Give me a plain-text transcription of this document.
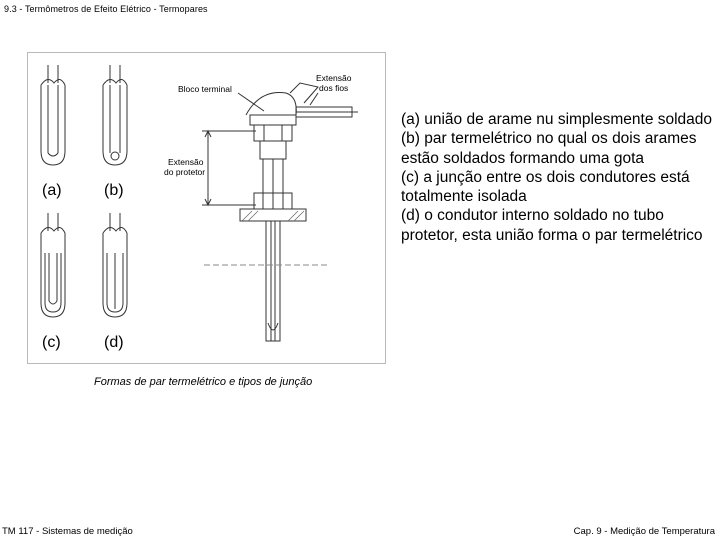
9.3 - Termômetros de Efeito Elétrico - Termopares
(a)	(b)
(c)	(d)
Bloco terminal
Extensão
dos fios
Extensão
do protetor
Formas de par termelétrico e tipos de junção

(a) união de arame nu simplesmente soldado

(b) par termelétrico no qual os dois arames estão soldados formando uma gota

(c) a junção entre os dois condutores está totalmente isolada

(d) o condutor interno soldado no tubo protetor, esta união forma o par termelétrico

TM 117 - Sistemas de medição	Cap. 9 - Medição de Temperatura
